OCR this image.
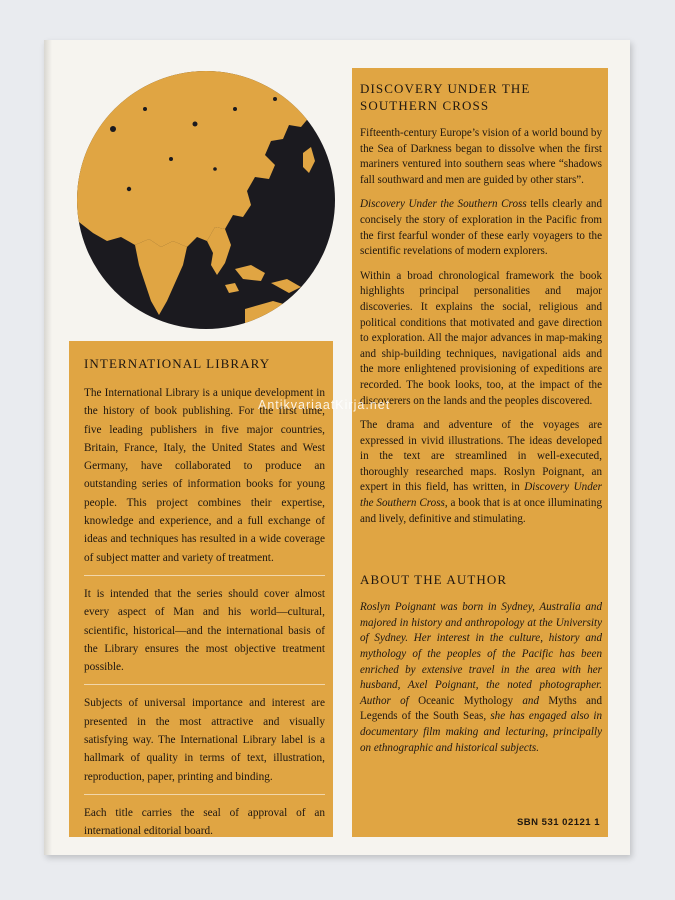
INTERNATIONAL LIBRARY

The International Library is a unique development in the history of book publishing. For the first time, five leading publishers in five major countries, Britain, France, Italy, the United States and West Germany, have collaborated to produce an outstanding series of information books for young people. This project combines their expertise, knowledge and experience, and a full exchange of ideas and techniques has resulted in a wide coverage of subject matter and variety of treatment.

It is intended that the series should cover almost every aspect of Man and his world—cultural, scientific, historical—and the international basis of the Library ensures the most objective treatment possible.

Subjects of universal importance and interest are presented in the most attractive and visually satisfying way. The International Library label is a hallmark of quality in terms of text, illustration, reproduction, paper, printing and binding.

Each title carries the seal of approval of an international editorial board.

DISCOVERY UNDER THE SOUTHERN CROSS

Fifteenth-century Europe’s vision of a world bound by the Sea of Darkness began to dissolve when the first mariners ventured into southern seas where “shadows fall southward and men are guided by other stars”.

Discovery Under the Southern Cross tells clearly and concisely the story of exploration in the Pacific from the first fearful wonder of these early voyagers to the scientific revelations of modern explorers.

Within a broad chronological framework the book highlights principal personalities and major discoveries. It explains the social, religious and political conditions that motivated and gave direction to exploration. All the major advances in map-making and ship-building techniques, navigational aids and the more enlightened provisioning of expeditions are recorded. The book looks, too, at the impact of the discoverers on the lands and the peoples discovered.

The drama and adventure of the voyages are expressed in vivid illustrations. The ideas developed in the text are streamlined in well-executed, thoroughly researched maps. Roslyn Poignant, an expert in this field, has written, in Discovery Under the Southern Cross, a book that is at once illuminating and lively, definitive and stimulating.

ABOUT THE AUTHOR

Roslyn Poignant was born in Sydney, Australia and majored in history and anthropology at the University of Sydney. Her interest in the culture, history and mythology of the peoples of the Pacific has been enriched by extensive travel in the area with her husband, Axel Poignant, the noted photographer. Author of Oceanic Mythology and Myths and Legends of the South Seas, she has engaged also in documentary film making and lecturing, principally on ethnographic and historical subjects.

SBN 531 02121 1
AntikvariaatKirja.net
